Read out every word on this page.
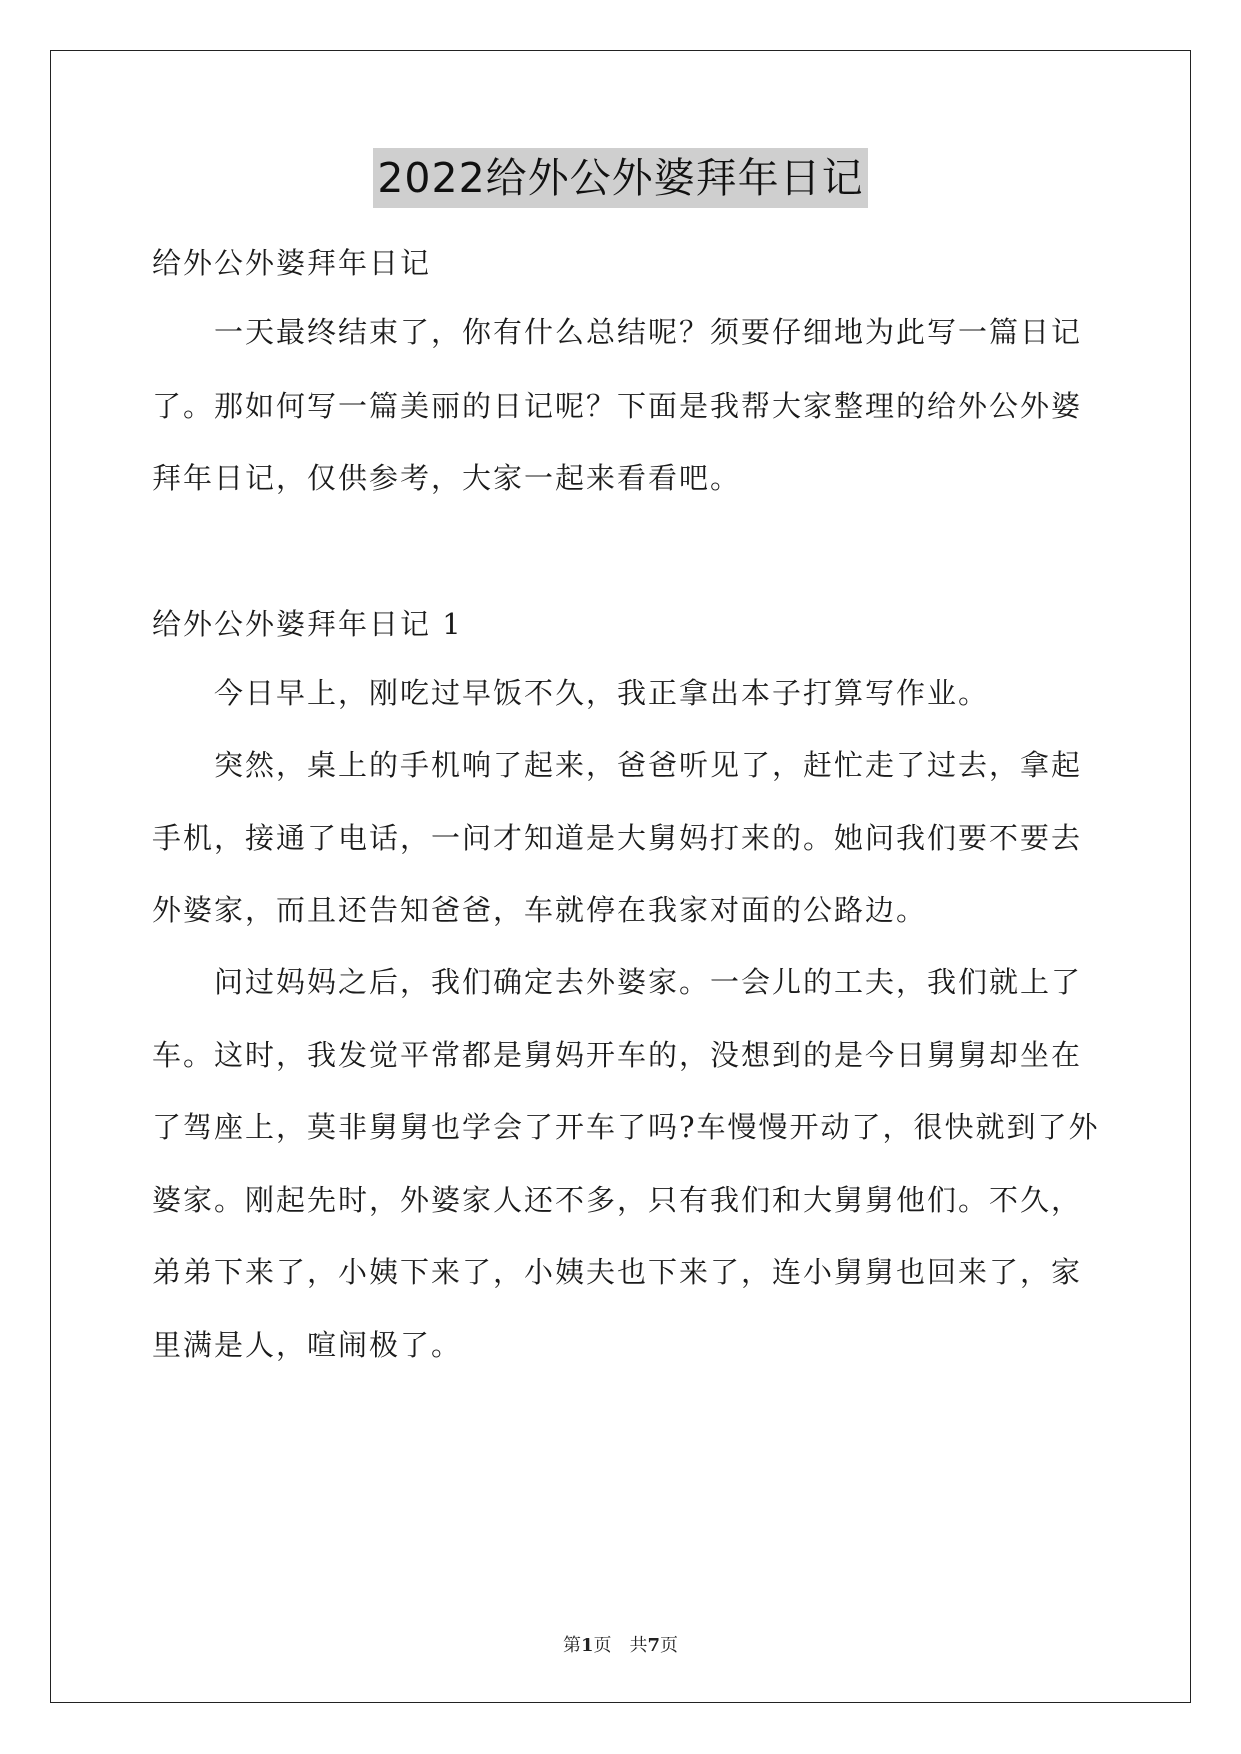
2022给外公外婆拜年日记
给外公外婆拜年日记
一天最终结束了，你有什么总结呢？须要仔细地为此写一篇日记
了。那如何写一篇美丽的日记呢？下面是我帮大家整理的给外公外婆
拜年日记，仅供参考，大家一起来看看吧。
给外公外婆拜年日记 1
今日早上，刚吃过早饭不久，我正拿出本子打算写作业。
突然，桌上的手机响了起来，爸爸听见了，赶忙走了过去，拿起
手机，接通了电话，一问才知道是大舅妈打来的。她问我们要不要去
外婆家，而且还告知爸爸，车就停在我家对面的公路边。
问过妈妈之后，我们确定去外婆家。一会儿的工夫，我们就上了
车。这时，我发觉平常都是舅妈开车的，没想到的是今日舅舅却坐在
了驾座上，莫非舅舅也学会了开车了吗?车慢慢开动了，很快就到了外
婆家。刚起先时，外婆家人还不多，只有我们和大舅舅他们。不久，
弟弟下来了，小姨下来了，小姨夫也下来了，连小舅舅也回来了，家
里满是人，喧闹极了。
第1页　共7页
